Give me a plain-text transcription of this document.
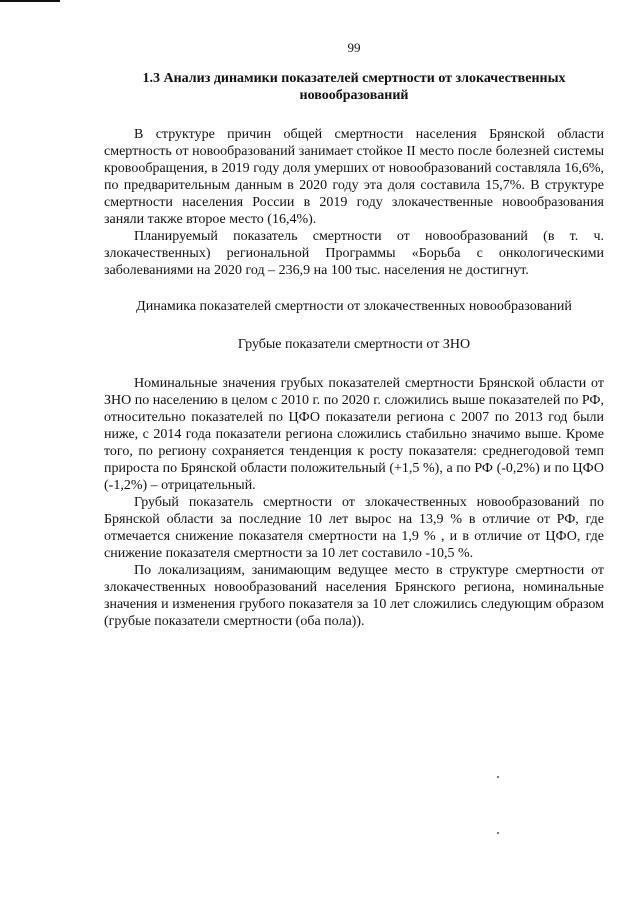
99
1.3 Анализ динамики показателей смертности от злокачественных новообразований

В структуре причин общей смертности населения Брянской области смертность от новообразований занимает стойкое II место после болезней системы кровообращения, в 2019 году доля умерших от новообразований составляла 16,6%, по предварительным данным в 2020 году эта доля составила 15,7%. В структуре смертности населения России в 2019 году злокачественные новообразования заняли также второе место (16,4%).

Планируемый показатель смертности от новообразований (в т. ч. злокачественных) региональной Программы «Борьба с онкологическими заболеваниями на 2020 год – 236,9 на 100 тыс. населения не достигнут.

Динамика показателей смертности от злокачественных новообразований
Грубые показатели смертности от ЗНО

Номинальные значения грубых показателей смертности Брянской области от ЗНО по населению в целом с 2010 г. по 2020 г. сложились выше показателей по РФ, относительно показателей по ЦФО показатели региона с 2007 по 2013 год были ниже, с 2014 года показатели региона сложились стабильно значимо выше. Кроме того, по региону сохраняется тенденция к росту показателя: среднегодовой темп прироста по Брянской области положительный (+1,5 %), а по РФ (-0,2%) и по ЦФО (-1,2%) – отрицательный.

Грубый показатель смертности от злокачественных новообразований по Брянской области за последние 10 лет вырос на 13,9 % в отличие от РФ, где отмечается снижение показателя смертности на 1,9 % , и в отличие от ЦФО, где снижение показателя смертности за 10 лет составило -10,5 %.

По локализациям, занимающим ведущее место в структуре смертности от злокачественных новообразований населения Брянского региона, номинальные значения и изменения грубого показателя за 10 лет сложились следующим образом (грубые показатели смертности (оба пола)).
